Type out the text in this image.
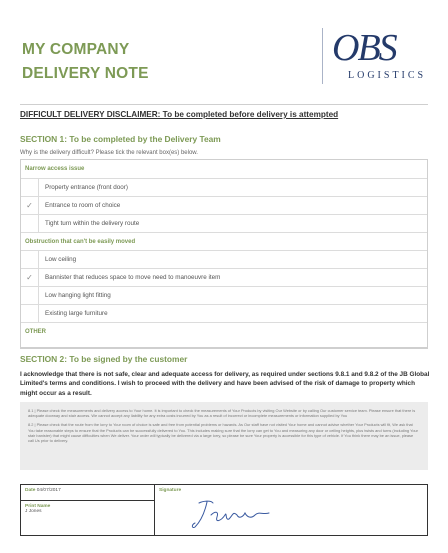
MY COMPANY
DELIVERY NOTE
OBS
LOGISTICS
DIFFICULT DELIVERY DISCLAIMER: To be completed before delivery is attempted
SECTION 1: To be completed by the Delivery Team
Why is the delivery difficult? Please tick the relevant box(es) below.
Narrow access issue
Property entrance (front door)
✓	Entrance to room of choice
Tight turn within the delivery route
Obstruction that can't be easily moved
Low ceiling
✓	Bannister that reduces space to move need to manoeuvre item
Low hanging light fitting
Existing large furniture
OTHER
SECTION 2: To be signed by the customer
I acknowledge that there is not safe, clear and adequate access for delivery, as required under sections 9.8.1 and 9.8.2 of the JB Global Limited's terms and conditions. I wish to proceed with the delivery and have been advised of the risk of damage to property which might occur as a result.

8.1 | Please check the measurements and delivery access to Your home. It is important to check the measurements of Your Products by visiting Our Website or by calling Our customer service team. Please ensure that there is adequate doorway and stair access. We cannot accept any liability for any extra costs incurred by You as a result of incorrect or incomplete measurements or information supplied by You

8.2 | Please check that the route from the lorry to Your room of choice is safe and free from potential problems or hazards. As Our staff have not visited Your home and cannot advise whether Your Products will fit, We ask that You take reasonable steps to ensure that the Products can be successfully delivered to You. This includes making sure that the lorry can get to You and measuring any door or ceiling heights, plus twists and turns (including Your stair banister) that might cause difficulties when We deliver. Your order will typically be delivered via a large lorry, so please be sure Your property is accessible for this type of vehicle. If You think there may be an issue, please call Us prior to delivery.

Date 04/07/2017
Print Name
J Jones
Signature
